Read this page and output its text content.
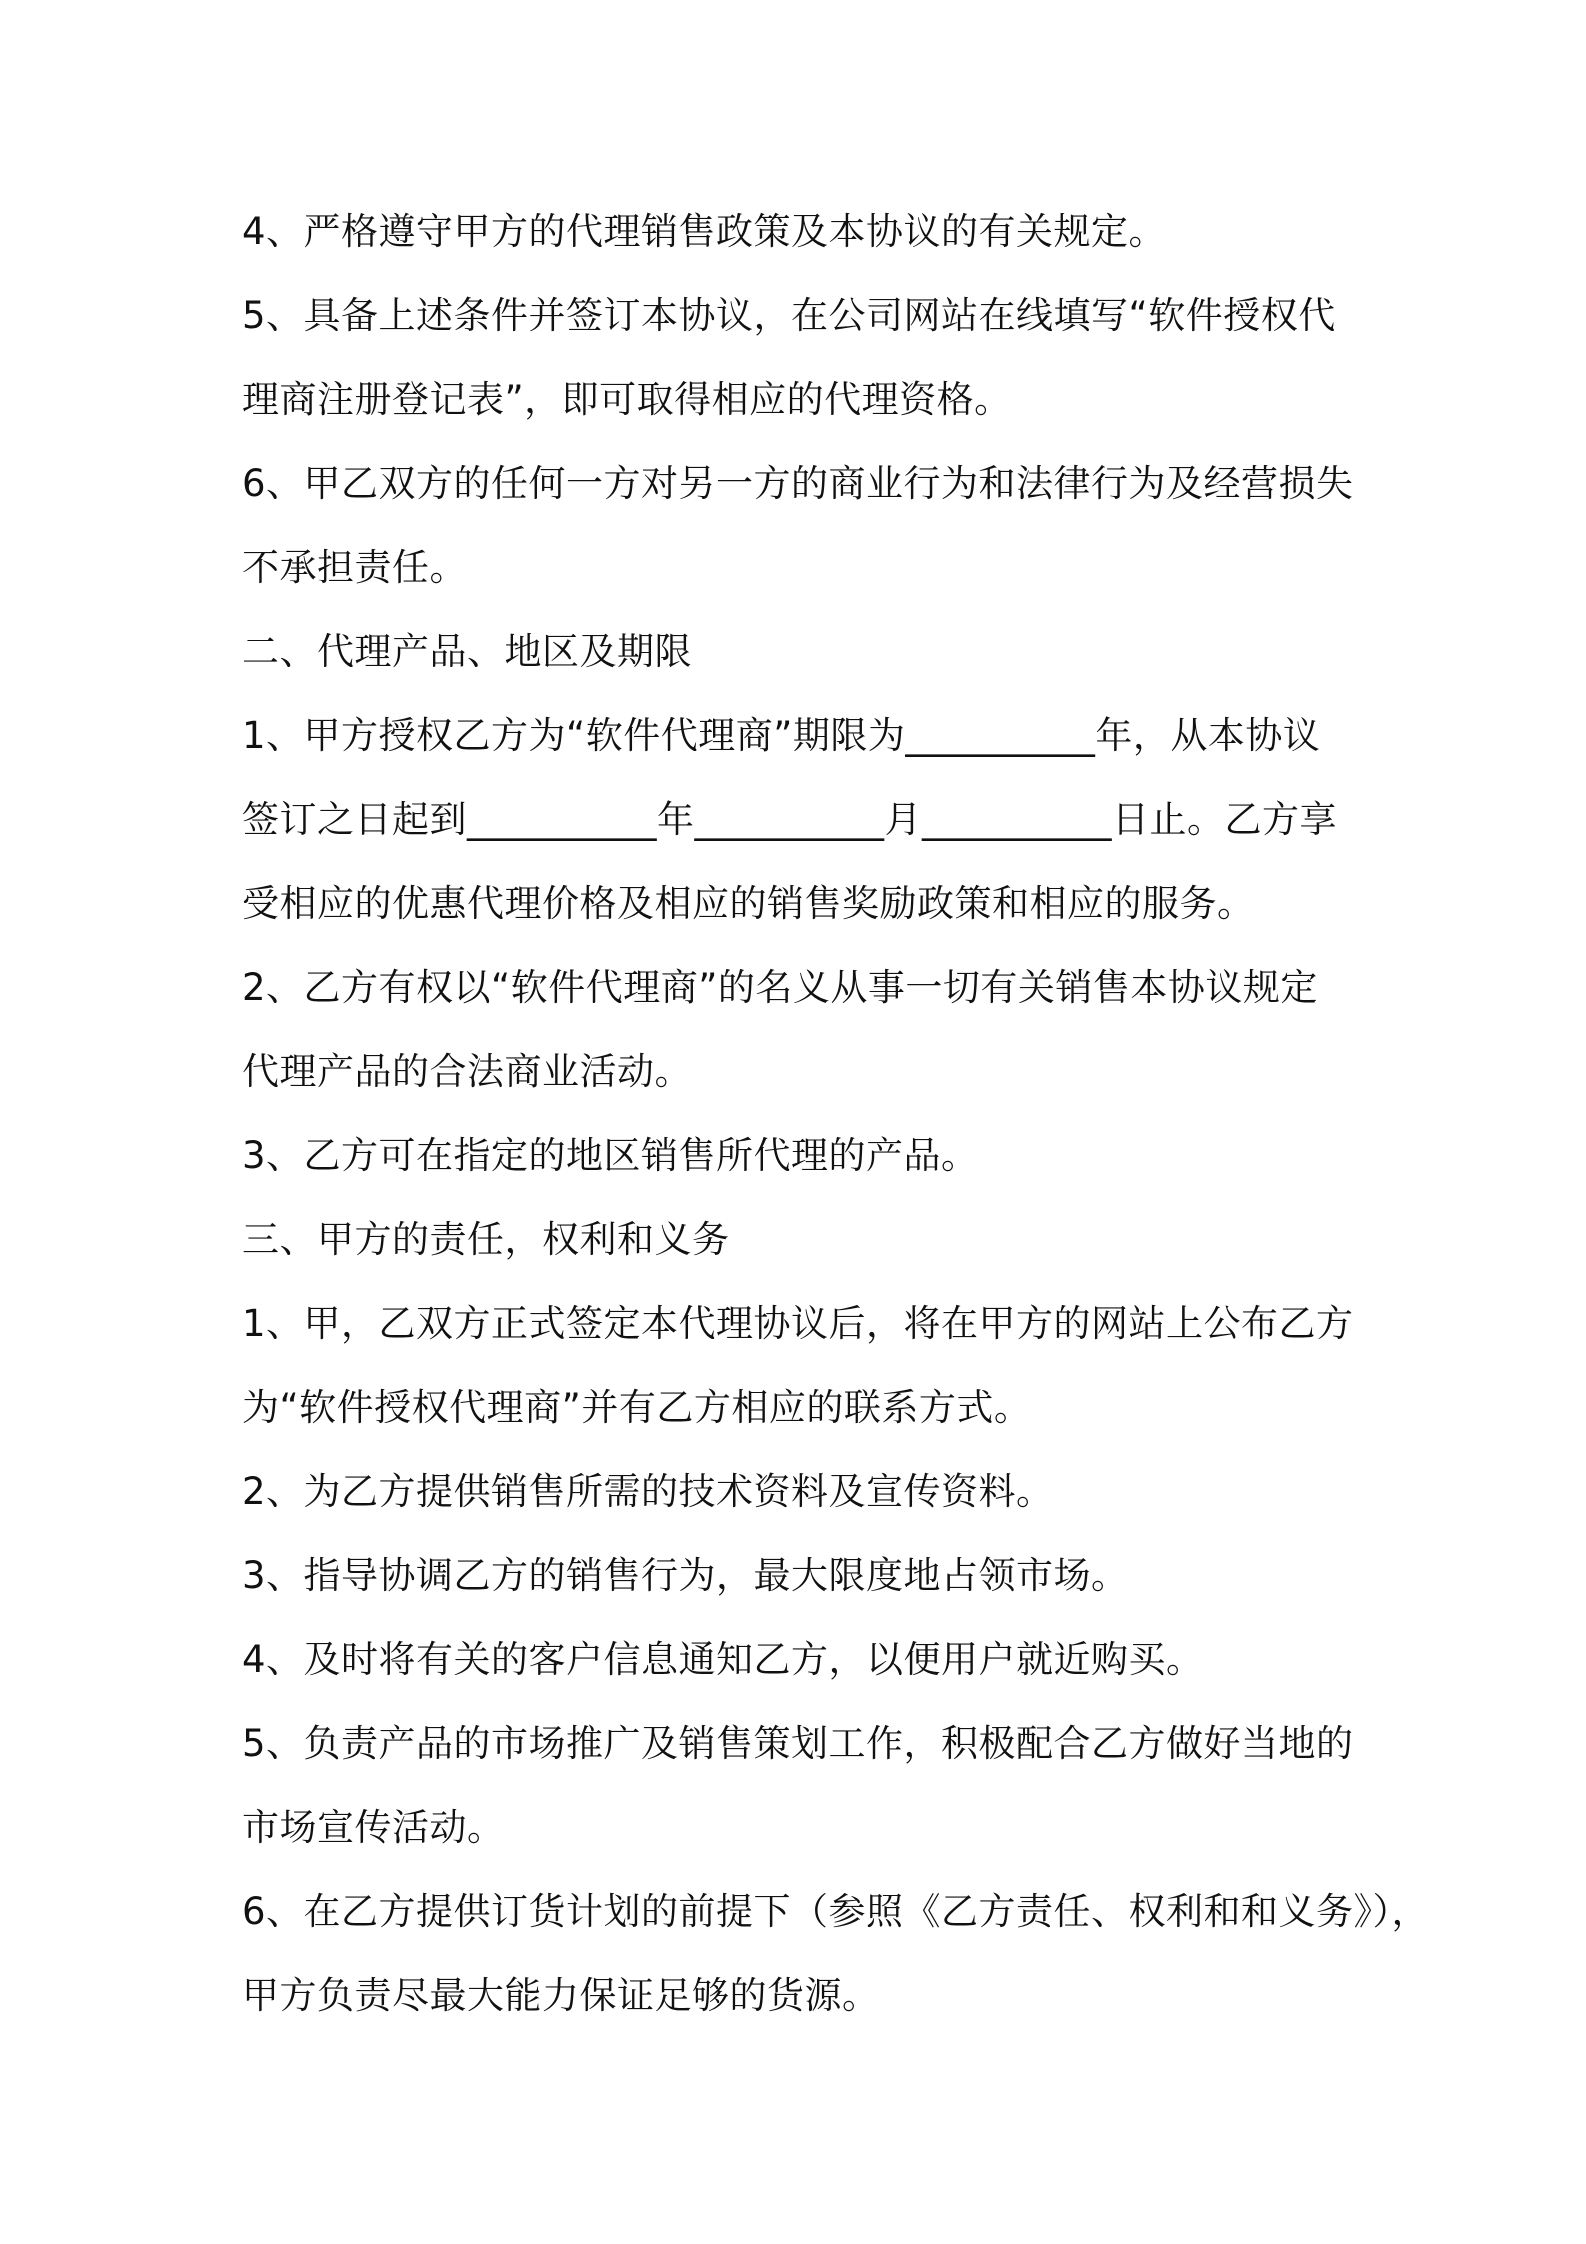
4、严格遵守甲方的代理销售政策及本协议的有关规定。
5、具备上述条件并签订本协议，在公司网站在线填写“软件授权代
理商注册登记表”，即可取得相应的代理资格。
6、甲乙双方的任何一方对另一方的商业行为和法律行为及经营损失
不承担责任。
二、代理产品、地区及期限
1、甲方授权乙方为“软件代理商”期限为__________年，从本协议
签订之日起到__________年__________月__________日止。乙方享
受相应的优惠代理价格及相应的销售奖励政策和相应的服务。
2、乙方有权以“软件代理商”的名义从事一切有关销售本协议规定
代理产品的合法商业活动。
3、乙方可在指定的地区销售所代理的产品。
三、甲方的责任，权利和义务
1、甲，乙双方正式签定本代理协议后，将在甲方的网站上公布乙方
为“软件授权代理商”并有乙方相应的联系方式。
2、为乙方提供销售所需的技术资料及宣传资料。
3、指导协调乙方的销售行为，最大限度地占领市场。
4、及时将有关的客户信息通知乙方，以便用户就近购买。
5、负责产品的市场推广及销售策划工作，积极配合乙方做好当地的
市场宣传活动。
6、在乙方提供订货计划的前提下（参照《乙方责任、权利和和义务》），
甲方负责尽最大能力保证足够的货源。
